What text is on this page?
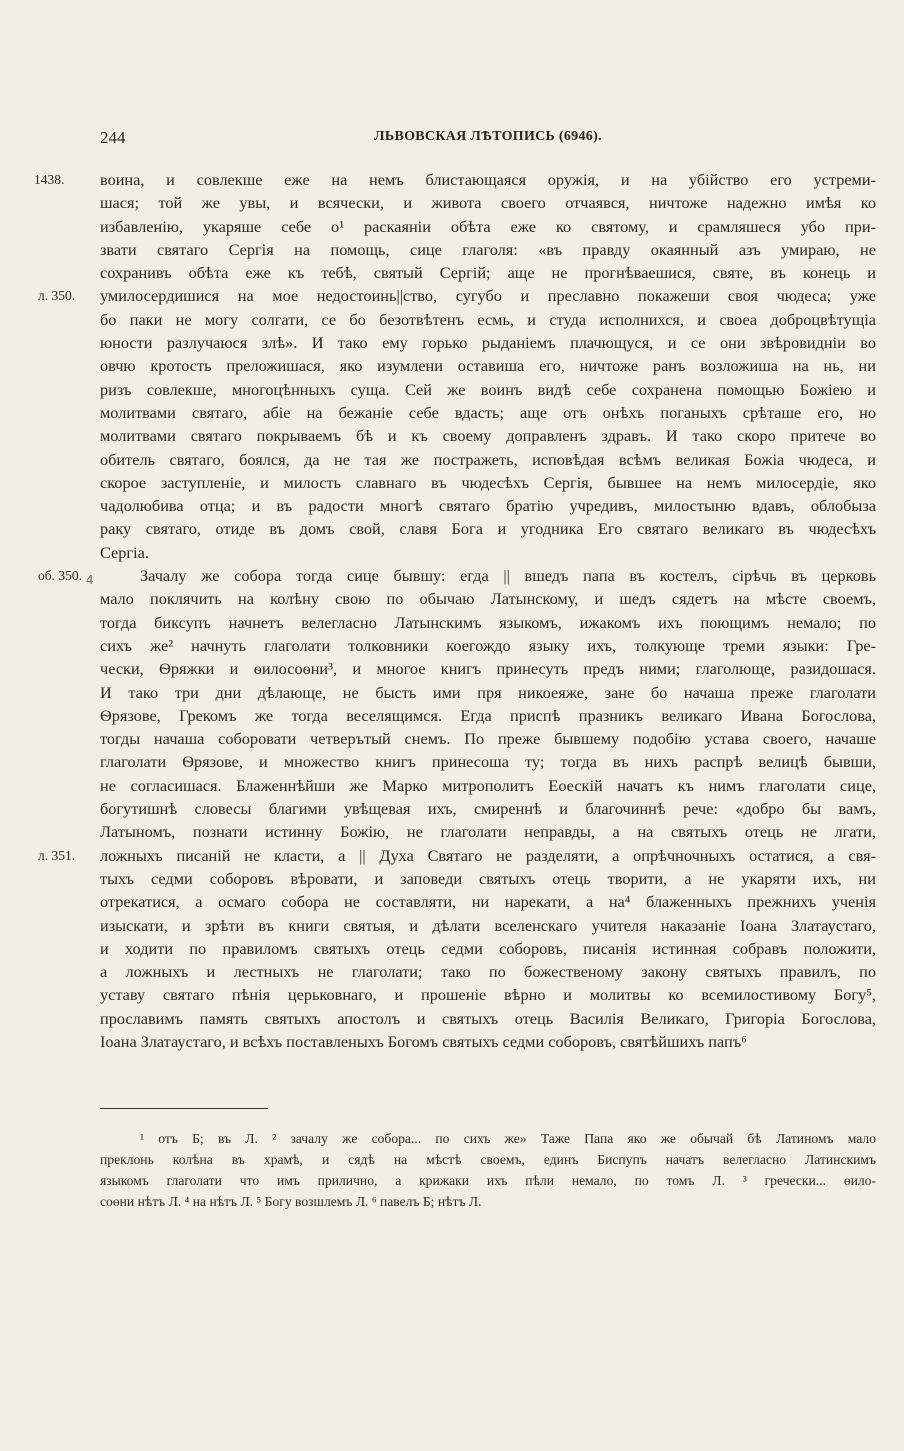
244	ЛЬВОВСКАЯ ЛѢТОПИСЬ (6946).
1438.	воина, и совлекше еже на немъ блистающаяся оружія, и на убійство его устреми-
шася; той же увы, и всячески, и живота своего отчаявся, ничтоже надежно имѣя ко
избавленію, укаряше себе о¹ раскаяніи обѣта еже ко святому, и срамляшеся убо при-
звати святаго Сергія на помощь, сице глаголя: «въ правду окаянный азъ умираю, не
сохранивъ обѣта еже къ тебѣ, святый Сергій; аще не прогнѣваешися, святе, въ конець и
л. 350.	умилосердишися на мое недостоинь||ство, сугубо и преславно покажеши своя чюдеса; уже
бо паки не могу солгати, се бо безотвѣтенъ есмь, и студа исполнихся, и своеа доброцвѣтущіа
юности разлучаюся злѣ». И тако ему горько рыданіемъ плачющуся, и се они звѣровидніи во
овчю кротость преложишася, яко изумлени оставиша его, ничтоже ранъ возложиша на нь, ни
ризъ совлекше, многоцѣнныхъ суща. Сей же воинъ видѣ себе сохранена помощью Божіею и
молитвами святаго, абіе на бежаніе себе вдасть; аще отъ онѣхъ поганыхъ срѣташе его, но
молитвами святаго покрываемъ бѣ и къ своему доправленъ здравъ. И тако скоро притече во
обитель святаго, боялся, да не тая же постражеть, исповѣдая всѣмъ великая Божіа чюдеса, и
скорое заступленіе, и милость славнаго въ чюдесѣхъ Сергія, бывшее на немъ милосердіе, яко
чадолюбива отца; и въ радости многѣ святаго братію учредивъ, милостыню вдавъ, облобыза
раку святаго, отиде въ домъ свой, славя Бога и угодника Его святаго великаго въ чюдесѣхъ
Сергіа.
об. 350.	Зачалу же собора тогда сице бывшу: егда || вшедъ папа въ костелъ, сірѣчь въ церковь
мало поклячить на колѣну свою по обычаю Латынскому, и шедъ сядетъ на мѣсте своемъ,
тогда биксупъ начнетъ велегласно Латынскимъ языкомъ, ижакомъ ихъ поющимъ немало; по
сихъ же² начнуть глаголати толковники коегождо языку ихъ, толкующе треми языки: Гре-
чески, Ѳряжки и ѳилосоѳни³, и многое книгъ принесуть предъ ними; глаголюще, разидошася.
И тако три дни дѣлающе, не бысть ими пря никоеяже, зане бо начаша преже глаголати
Ѳрязове, Грекомъ же тогда веселящимся. Егда приспѣ празникъ великаго Ивана Богослова,
тогды начаша соборовати четверътый снемъ. По преже бывшему подобію устава своего, начаше
глаголати Ѳрязове, и множество книгъ принесоша ту; тогда въ нихъ распрѣ велицѣ бывши,
не согласишася. Блаженнѣйши же Марко митрополитъ Еоескій начатъ къ нимъ глаголати сице,
богутишнѣ словесы благими увѣщевая ихъ, смиреннѣ и благочиннѣ рече: «добро бы вамъ,
Латыномъ, познати истинну Божію, не глаголати неправды, а на святыхъ отець не лгати,
л. 351.	ложныхъ писаній не класти, а || Духа Святаго не разделяти, а опрѣчночныхъ остатися, а свя-
тыхъ седми соборовъ вѣровати, и заповеди святыхъ отець творити, а не укаряти ихъ, ни
отрекатися, а осмаго собора не составляти, ни нарекати, а на⁴ блаженныхъ прежнихъ ученія
изыскати, и зрѣти въ книги святыя, и дѣлати вселенскаго учителя наказаніе Іоана Златаустаго,
и ходити по правиломъ святыхъ отець седми соборовъ, писанія истинная собравъ положити,
а ложныхъ и лестныхъ не глаголати; тако по божественому закону святыхъ правилъ, по
уставу святаго пѣнія церьковнаго, и прошеніе вѣрно и молитвы ко всемилостивому Богу⁵,
прославимъ память святыхъ апостолъ и святыхъ отець Василія Великаго, Григоріа Богослова,
Іоана Златаустаго, и всѣхъ поставленыхъ Богомъ святыхъ седми соборовъ, святѣйшихъ папъ⁶
4
¹ отъ Б; въ Л. ² зачалу же собора... по сихъ же» Таже Папа яко же обычай бѣ Латиномъ мало
преклонь колѣна въ храмѣ, и сядѣ на мѣстѣ своемъ, единъ Биспупъ начатъ велегласно Латинскимъ
языкомъ глаголати что имъ прилично, а крижаки ихъ пѣли немало, по томъ Л. ³ гречески... ѳило-
соѳни нѣтъ Л. ⁴ на нѣтъ Л. ⁵ Богу возшлемъ Л. ⁶ павелъ Б; нѣтъ Л.
